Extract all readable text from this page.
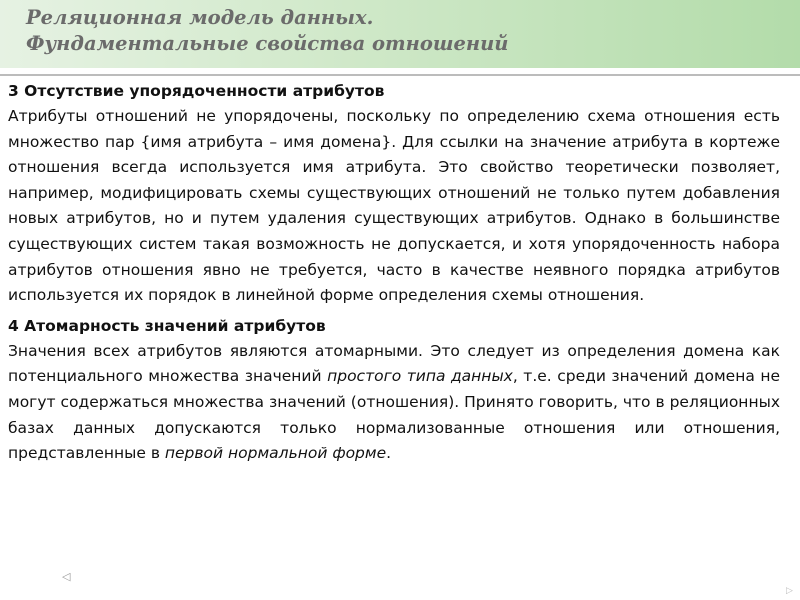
Реляционная модель данных.
Фундаментальные свойства отношений

3 Отсутствие упорядоченности атрибутов

Атрибуты отношений не упорядочены, поскольку по определению схема отношения есть множество пар {имя атрибута – имя домена}. Для ссылки на значение атрибута в кортеже отношения всегда используется имя атрибута. Это свойство теоретически позволяет, например, модифицировать схемы существующих отношений не только путем добавления новых атрибутов, но и путем удаления существующих атрибутов. Однако в большинстве существующих систем такая возможность не допускается, и хотя упорядоченность набора атрибутов отношения явно не требуется, часто в качестве неявного порядка атрибутов используется их порядок в линейной форме определения схемы отношения.

4 Атомарность значений атрибутов

Значения всех атрибутов являются атомарными. Это следует из определения домена как потенциального множества значений простого типа данных, т.е. среди значений домена не могут содержаться множества значений (отношения). Принято говорить, что в реляционных базах данных допускаются только нормализованные отношения или отношения, представленные в первой нормальной форме.

◁
▷
